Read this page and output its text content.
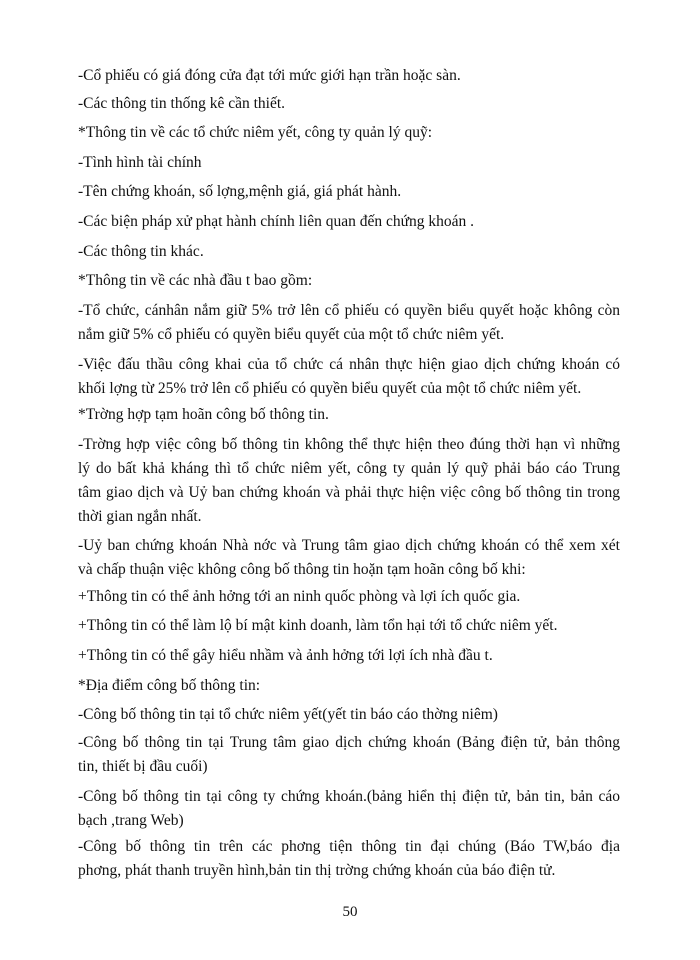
-Cổ phiếu có giá đóng cửa đạt tới mức giới hạn trần hoặc sàn.

-Các thông tin thống kê cần thiết.

*Thông tin về các tổ chức niêm yết, công ty quản lý quỹ:

-Tình hình tài chính

-Tên chứng khoán, số lợng,mệnh giá, giá phát hành.

-Các biện pháp xử phạt hành chính liên quan đến chứng khoán .

-Các thông tin khác.

*Thông tin về các nhà đầu t bao gồm:

-Tổ chức, cánhân nắm giữ 5% trở lên cổ phiếu có quyền biểu quyết hoặc không còn
nắm giữ 5% cổ phiếu có quyền biểu quyết của một tổ chức niêm yết.

-Việc đấu thầu công khai của tổ chức cá nhân thực hiện giao dịch chứng khoán có
khối lợng từ 25% trở lên cổ phiếu có quyền biểu quyết của một tổ chức niêm yết.

*Trờng hợp tạm hoãn công bố thông tin.

-Trờng hợp việc công bố thông tin không thể thực hiện theo đúng thời hạn vì những
lý do bất khả kháng thì tổ chức niêm yết, công ty quản lý quỹ phải báo cáo Trung
tâm giao dịch và Uỷ ban chứng khoán và phải thực hiện việc công bố thông tin trong
thời gian ngắn nhất.

-Uỷ ban chứng khoán Nhà nớc và Trung tâm giao dịch chứng khoán có thể xem xét
và chấp thuận việc không công bố thông tin hoặn tạm hoãn công bố khi:

+Thông tin có thể ảnh hởng tới an ninh quốc phòng và lợi ích quốc gia.

+Thông tin có thể làm lộ bí mật kinh doanh, làm tổn hại tới tổ chức niêm yết.

+Thông tin có thể gây hiểu nhầm và ảnh hởng tới lợi ích nhà đầu t.

*Địa điểm công bố thông tin:

-Công bố thông tin tại tổ chức niêm yết(yết tin báo cáo thờng niêm)

-Công bố thông tin tại Trung tâm giao dịch chứng khoán (Bảng điện tử, bản thông
tin, thiết bị đầu cuối)

-Công bố thông tin tại công ty chứng khoán.(bảng hiển thị điện tử, bản tin, bản cáo
bạch ,trang Web)

-Công bố thông tin trên các phơng tiện thông tin đại chúng (Báo TW,báo địa
phơng, phát thanh truyền hình,bản tin thị trờng chứng khoán của báo điện tử.

50
